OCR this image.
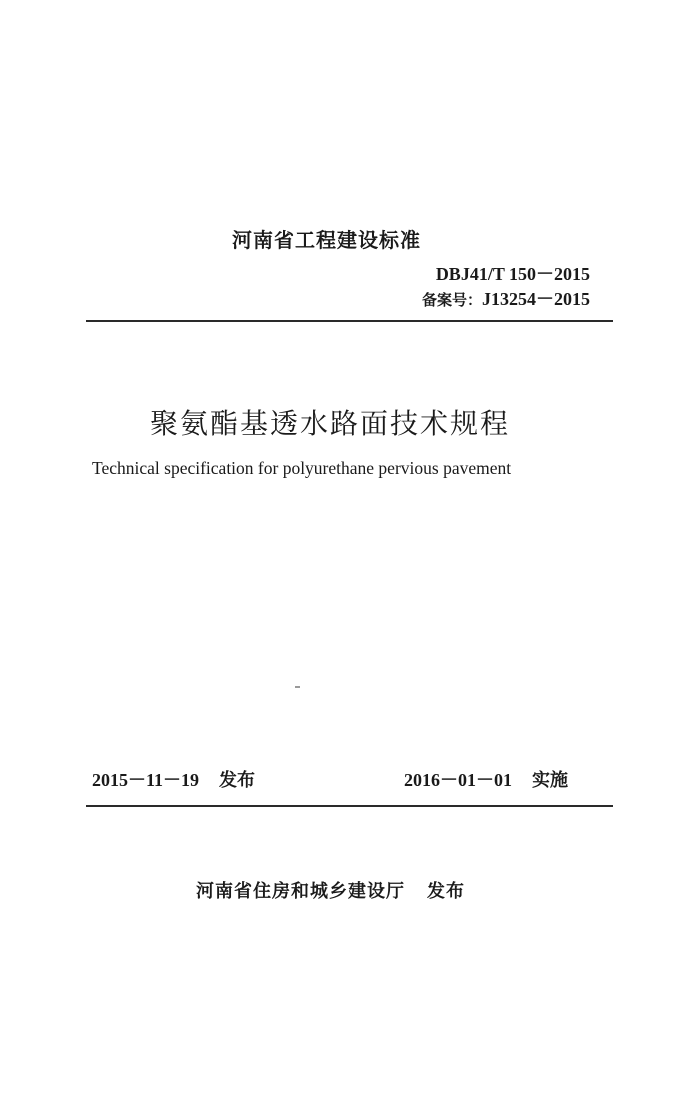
河南省工程建设标准
DBJ41/T 150－2015
备案号：J13254－2015
聚氨酯基透水路面技术规程
Technical specification for polyurethane pervious pavement
2015－11－19 发布	2016－01－01 实施
河南省住房和城乡建设厅 发布
